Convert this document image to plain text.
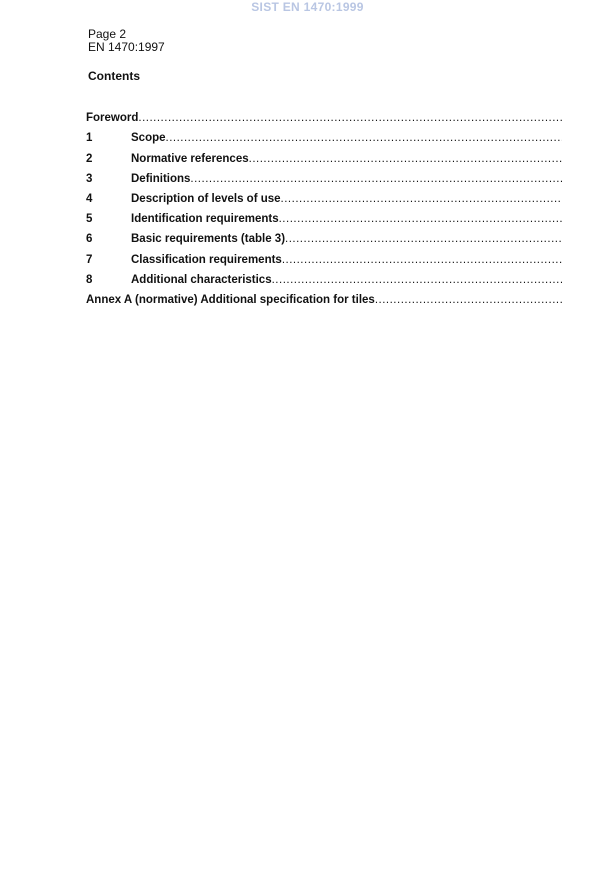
SIST EN 1470:1999
Page 2
EN 1470:1997
Contents
Foreword
.....
1	Scope
.....
2	Normative references
.....
3	Definitions
.....
4	Description of levels of use
.....
5	Identification requirements
.....
6	Basic requirements (table 3)
.....
7	Classification requirements
.....
8	Additional characteristics
.....
Annex A (normative) Additional specification for tiles
.....
